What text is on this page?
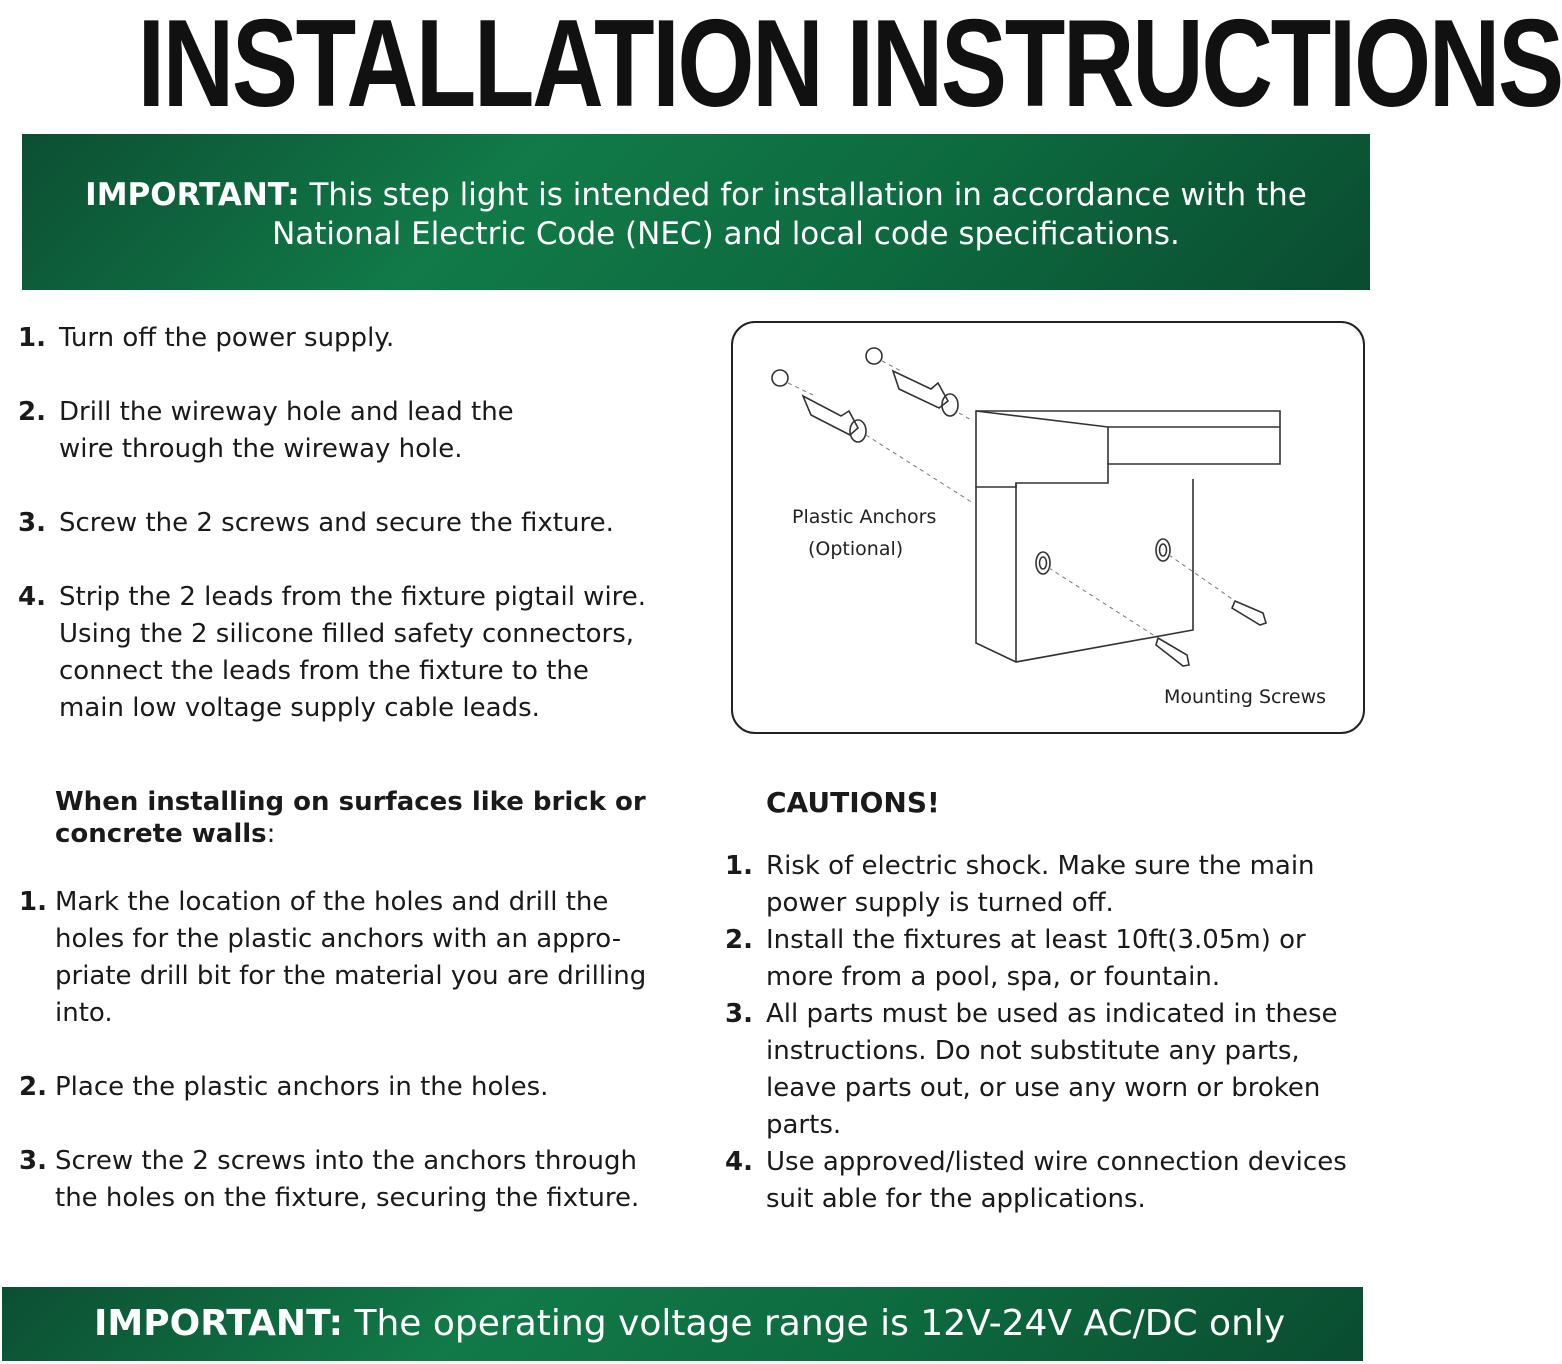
INSTALLATION INSTRUCTIONS
IMPORTANT: This step light is intended for installation in accordance with the
National Electric Code (NEC) and local code specifications.
1. Turn off the power supply.
2. Drill the wireway hole and lead the
wire through the wireway hole.
3. Screw the 2 screws and secure the fixture.
4. Strip the 2 leads from the fixture pigtail wire.
Using the 2 silicone filled safety connectors,
connect the leads from the fixture to the
main low voltage supply cable leads.
Plastic Anchors
(Optional)
Mounting Screws
When installing on surfaces like brick or
concrete walls:
1. Mark the location of the holes and drill the
holes for the plastic anchors with an appro-
priate drill bit for the material you are drilling
into.
2. Place the plastic anchors in the holes.
3. Screw the 2 screws into the anchors through
the holes on the fixture, securing the fixture.
CAUTIONS!
1. Risk of electric shock. Make sure the main
power supply is turned off.
2. Install the fixtures at least 10ft(3.05m) or
more from a pool, spa, or fountain.
3. All parts must be used as indicated in these
instructions. Do not substitute any parts,
leave parts out, or use any worn or broken
parts.
4. Use approved/listed wire connection devices
suit able for the applications.
IMPORTANT: The operating voltage range is 12V-24V AC/DC only
